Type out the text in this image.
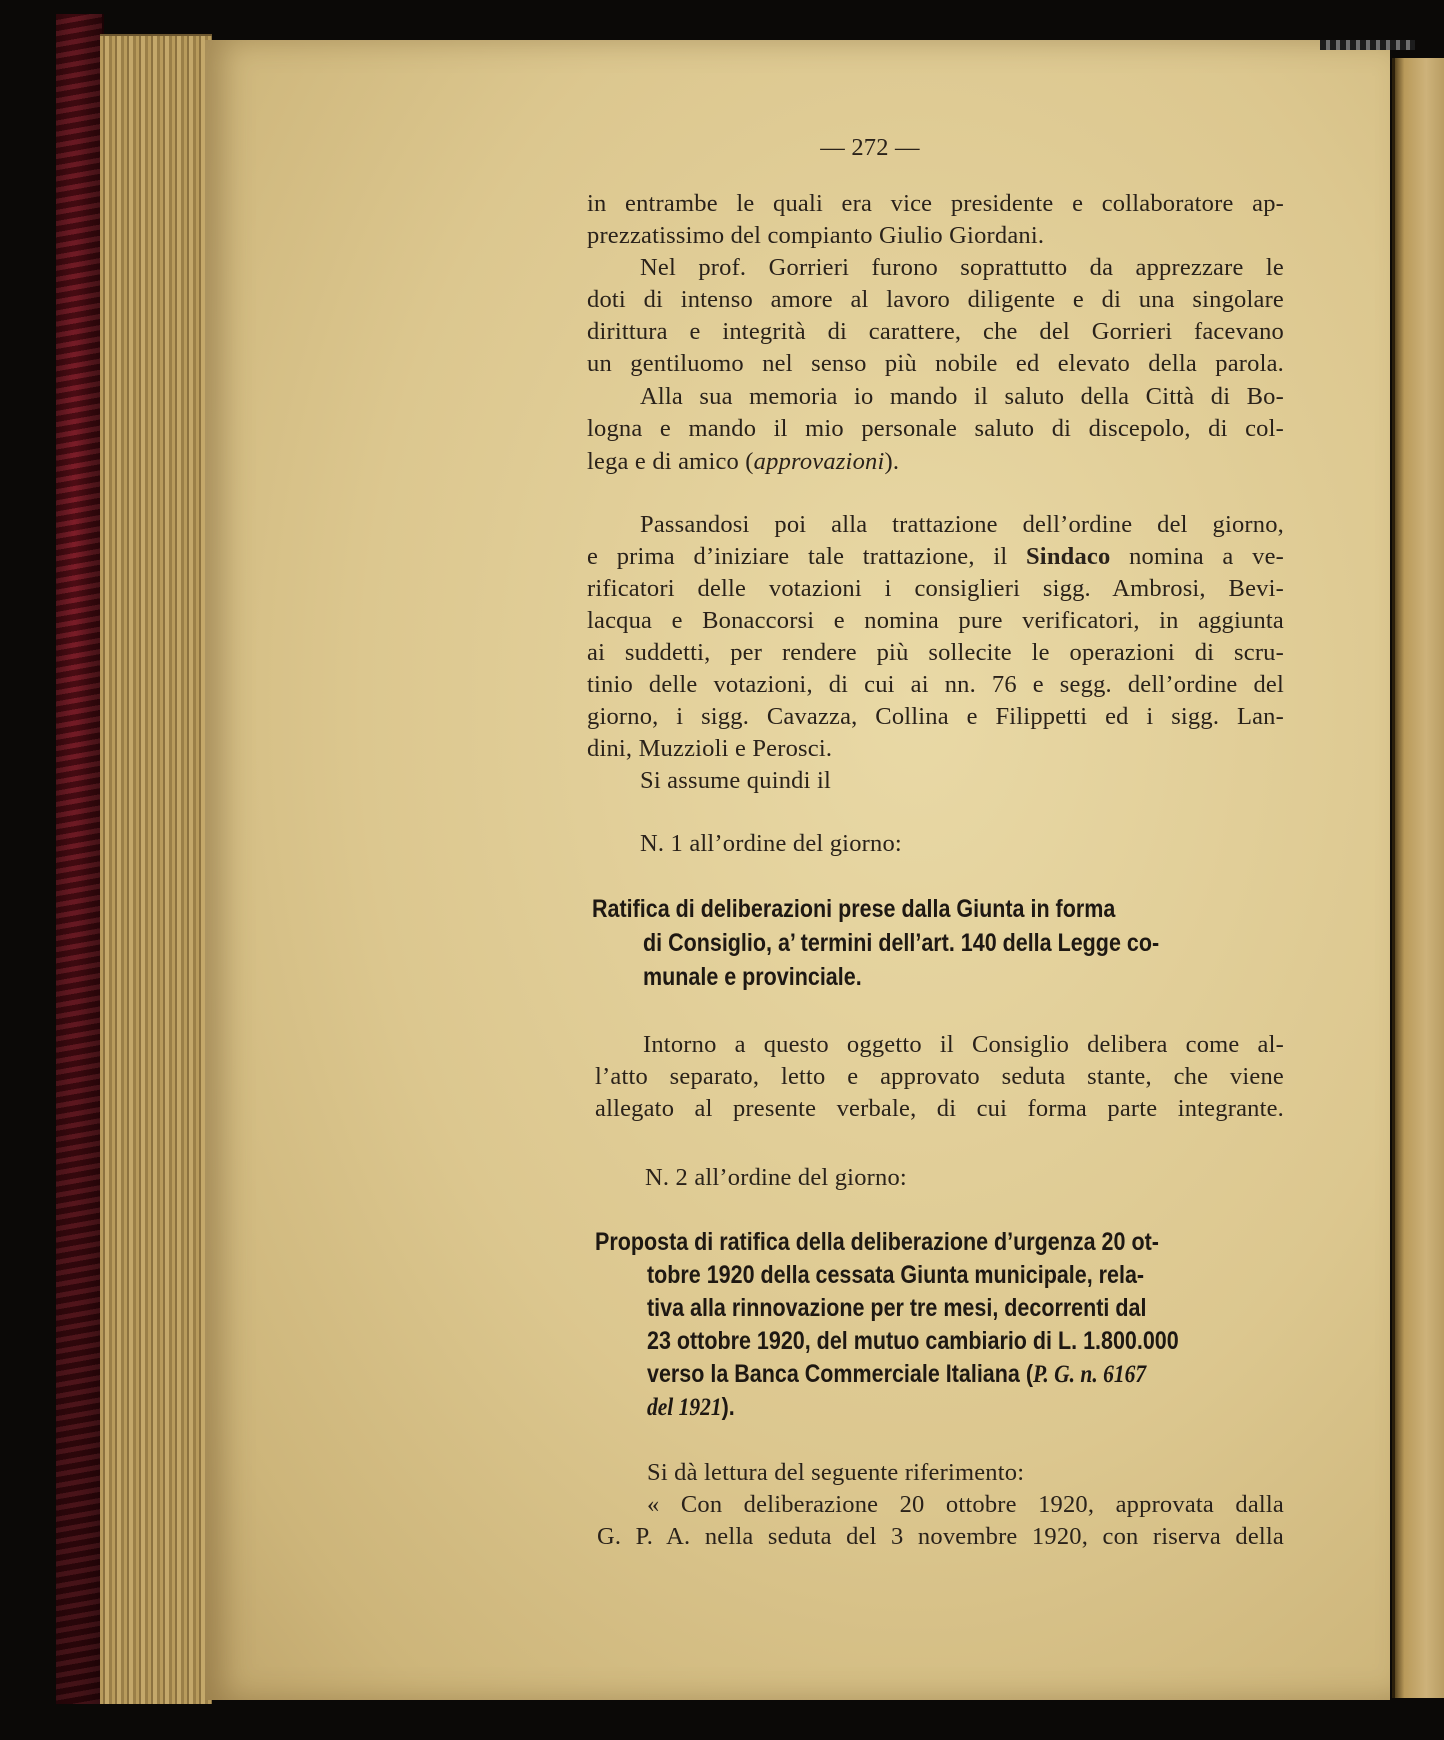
— 272 —
in entrambe le quali era vice presidente e collaboratore ap-
prezzatissimo del compianto Giulio Giordani.
Nel prof. Gorrieri furono soprattutto da apprezzare le
doti di intenso amore al lavoro diligente e di una singolare
dirittura e integrità di carattere, che del Gorrieri facevano
un gentiluomo nel senso più nobile ed elevato della parola.
Alla sua memoria io mando il saluto della Città di Bo-
logna e mando il mio personale saluto di discepolo, di col-
lega e di amico (approvazioni).
Passandosi poi alla trattazione dell’ordine del giorno,
e prima d’iniziare tale trattazione, il Sindaco nomina a ve-
rificatori delle votazioni i consiglieri sigg. Ambrosi, Bevi-
lacqua e Bonaccorsi e nomina pure verificatori, in aggiunta
ai suddetti, per rendere più sollecite le operazioni di scru-
tinio delle votazioni, di cui ai nn. 76 e segg. dell’ordine del
giorno, i sigg. Cavazza, Collina e Filippetti ed i sigg. Lan-
dini, Muzzioli e Perosci.
Si assume quindi il
N. 1 all’ordine del giorno:
Ratifica di deliberazioni prese dalla Giunta in forma
di Consiglio, a’ termini dell’art. 140 della Legge co-
munale e provinciale.
Intorno a questo oggetto il Consiglio delibera come al-
l’atto separato, letto e approvato seduta stante, che viene
allegato al presente verbale, di cui forma parte integrante.
N. 2 all’ordine del giorno:
Proposta di ratifica della deliberazione d’urgenza 20 ot-
tobre 1920 della cessata Giunta municipale, rela-
tiva alla rinnovazione per tre mesi, decorrenti dal
23 ottobre 1920, del mutuo cambiario di L. 1.800.000
verso la Banca Commerciale Italiana (P. G. n. 6167
del 1921).
Si dà lettura del seguente riferimento:
« Con deliberazione 20 ottobre 1920, approvata dalla
G. P. A. nella seduta del 3 novembre 1920, con riserva della
